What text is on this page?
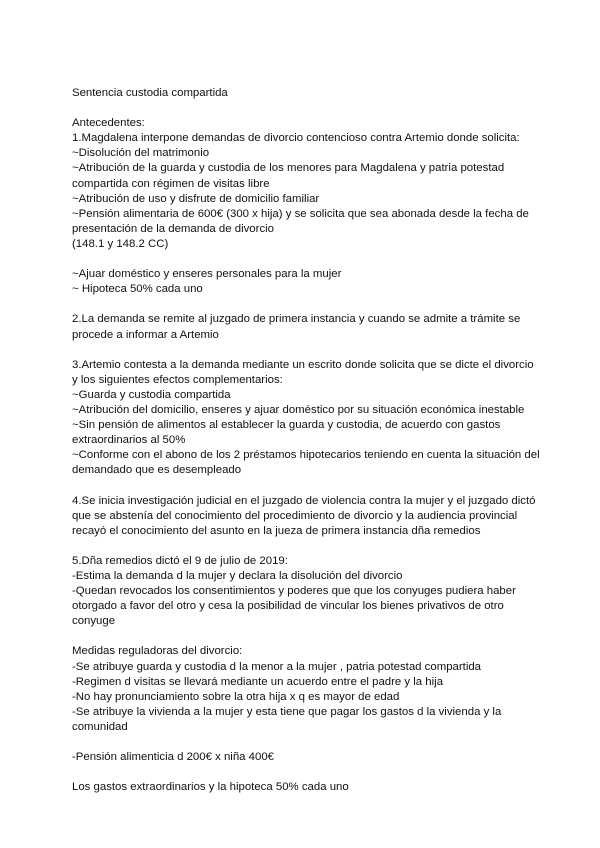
Sentencia custodia compartida
Antecedentes:
1.Magdalena interpone demandas de divorcio contencioso contra Artemio donde solicita:
~Disolución del matrimonio
~Atribución de la guarda y custodia de los menores para Magdalena y patria potestad
compartida con régimen de visitas libre
~Atribución de uso y disfrute de domicilio familiar
~Pensión alimentaria de 600€ (300 x hija) y se solicita que sea abonada desde la fecha de
presentación de la demanda de divorcio
(148.1 y 148.2 CC)
~Ajuar doméstico y enseres personales para la mujer
~ Hipoteca 50% cada uno
2.La demanda se remite al juzgado de primera instancia y cuando se admite a trámite se
procede a informar a Artemio
3.Artemio contesta a la demanda mediante un escrito donde solicita que se dicte el divorcio
y los siguientes efectos complementarios:
~Guarda y custodia compartida
~Atribución del domicilio, enseres y ajuar doméstico por su situación económica inestable
~Sin pensión de alimentos al establecer la guarda y custodia, de acuerdo con gastos
extraordinarios al 50%
~Conforme con el abono de los 2 préstamos hipotecarios teniendo en cuenta la situación del
demandado que es desempleado
4.Se inicia investigación judicial en el juzgado de violencia contra la mujer y el juzgado dictó
que se abstenía del conocimiento del procedimiento de divorcio y la audiencia provincial
recayó el conocimiento del asunto en la jueza de primera instancia dña remedios
5.Dña remedios dictó el 9 de julio de 2019:
-Estima la demanda d la mujer y declara la disolución del divorcio
-Quedan revocados los consentimientos y poderes que que los conyuges pudiera haber
otorgado a favor del otro y cesa la posibilidad de vincular los bienes privativos de otro
conyuge
Medidas reguladoras del divorcio:
-Se atribuye guarda y custodia d la menor a la mujer , patria potestad compartida
-Regimen d visitas se llevará mediante un acuerdo entre el padre y la hija
-No hay pronunciamiento sobre la otra hija x q es mayor de edad
-Se atribuye la vivienda a la mujer y esta tiene que pagar los gastos d la vivienda y la
comunidad
-Pensión alimenticia d 200€ x niña 400€
Los gastos extraordinarios y la hipoteca 50% cada uno
